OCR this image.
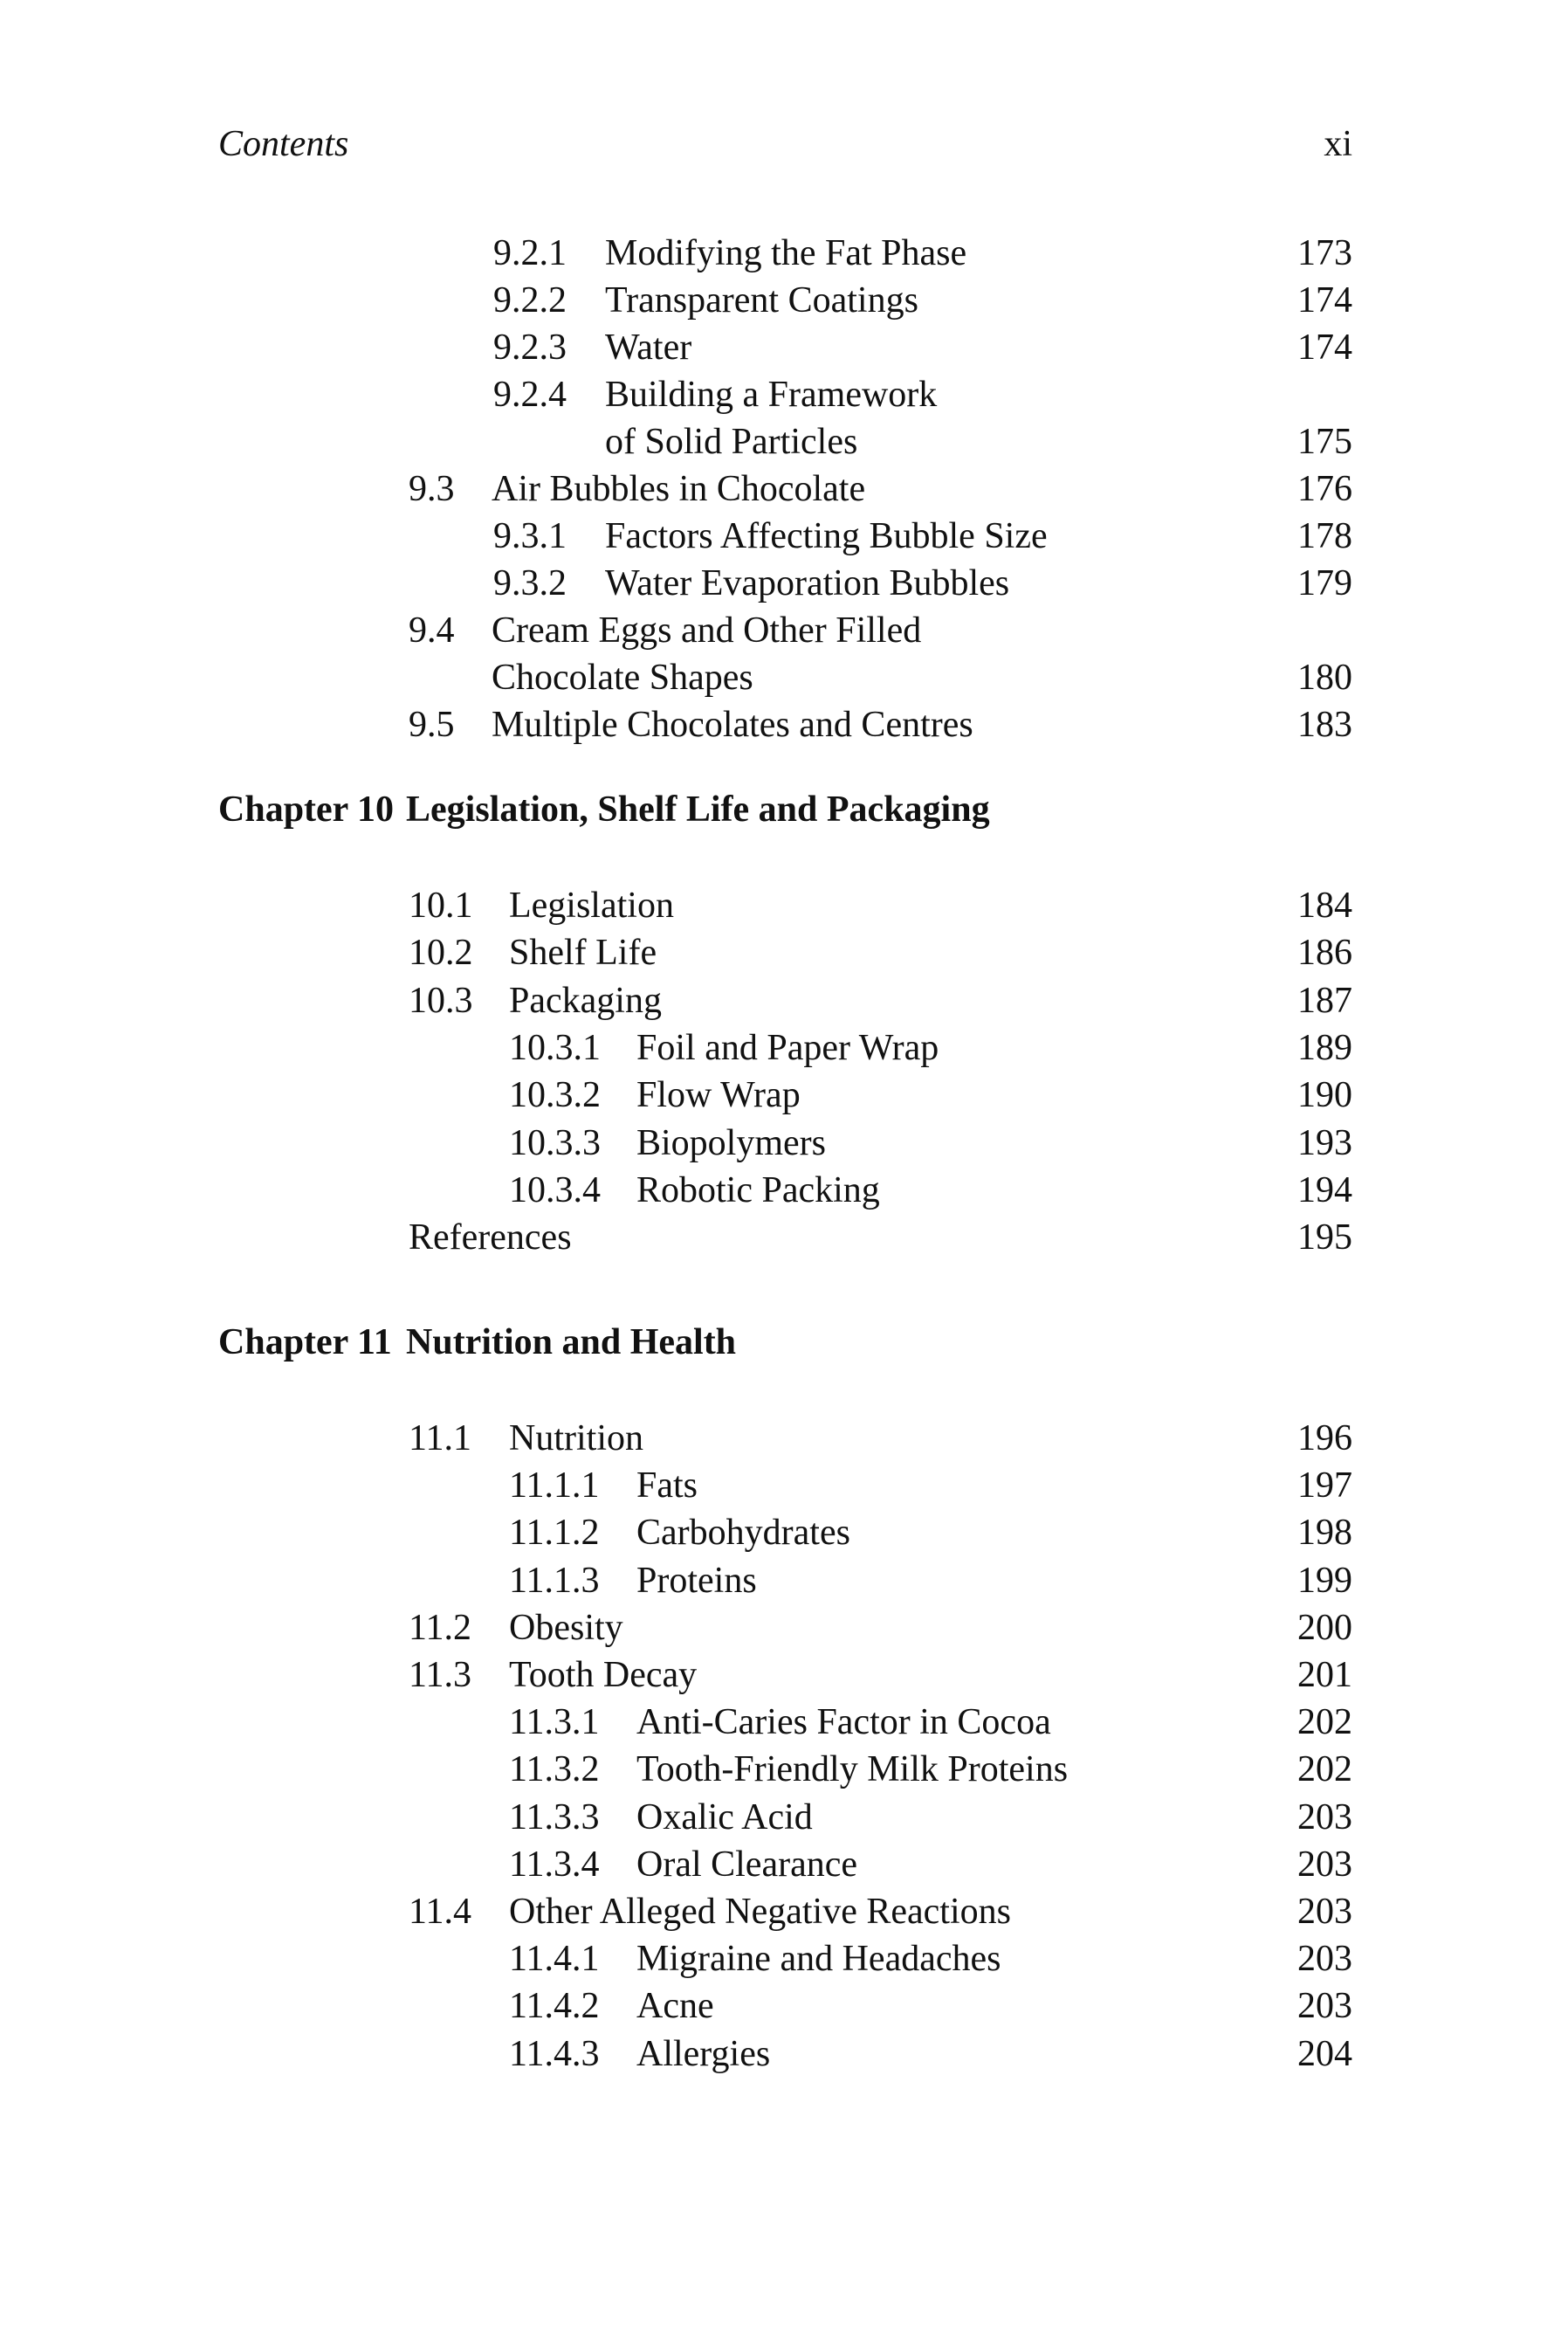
Contents	xi
9.2.1 Modifying the Fat Phase	173
9.2.2 Transparent Coatings	174
9.2.3 Water	174
9.2.4 Building a Framework
of Solid Particles	175
9.3 Air Bubbles in Chocolate	176
9.3.1 Factors Affecting Bubble Size	178
9.3.2 Water Evaporation Bubbles	179
9.4 Cream Eggs and Other Filled
Chocolate Shapes	180
9.5 Multiple Chocolates and Centres	183
Chapter 10 Legislation, Shelf Life and Packaging
10.1 Legislation	184
10.2 Shelf Life	186
10.3 Packaging	187
10.3.1 Foil and Paper Wrap	189
10.3.2 Flow Wrap	190
10.3.3 Biopolymers	193
10.3.4 Robotic Packing	194
References	195
Chapter 11 Nutrition and Health
11.1 Nutrition	196
11.1.1 Fats	197
11.1.2 Carbohydrates	198
11.1.3 Proteins	199
11.2 Obesity	200
11.3 Tooth Decay	201
11.3.1 Anti-Caries Factor in Cocoa	202
11.3.2 Tooth-Friendly Milk Proteins	202
11.3.3 Oxalic Acid	203
11.3.4 Oral Clearance	203
11.4 Other Alleged Negative Reactions	203
11.4.1 Migraine and Headaches	203
11.4.2 Acne	203
11.4.3 Allergies	204
